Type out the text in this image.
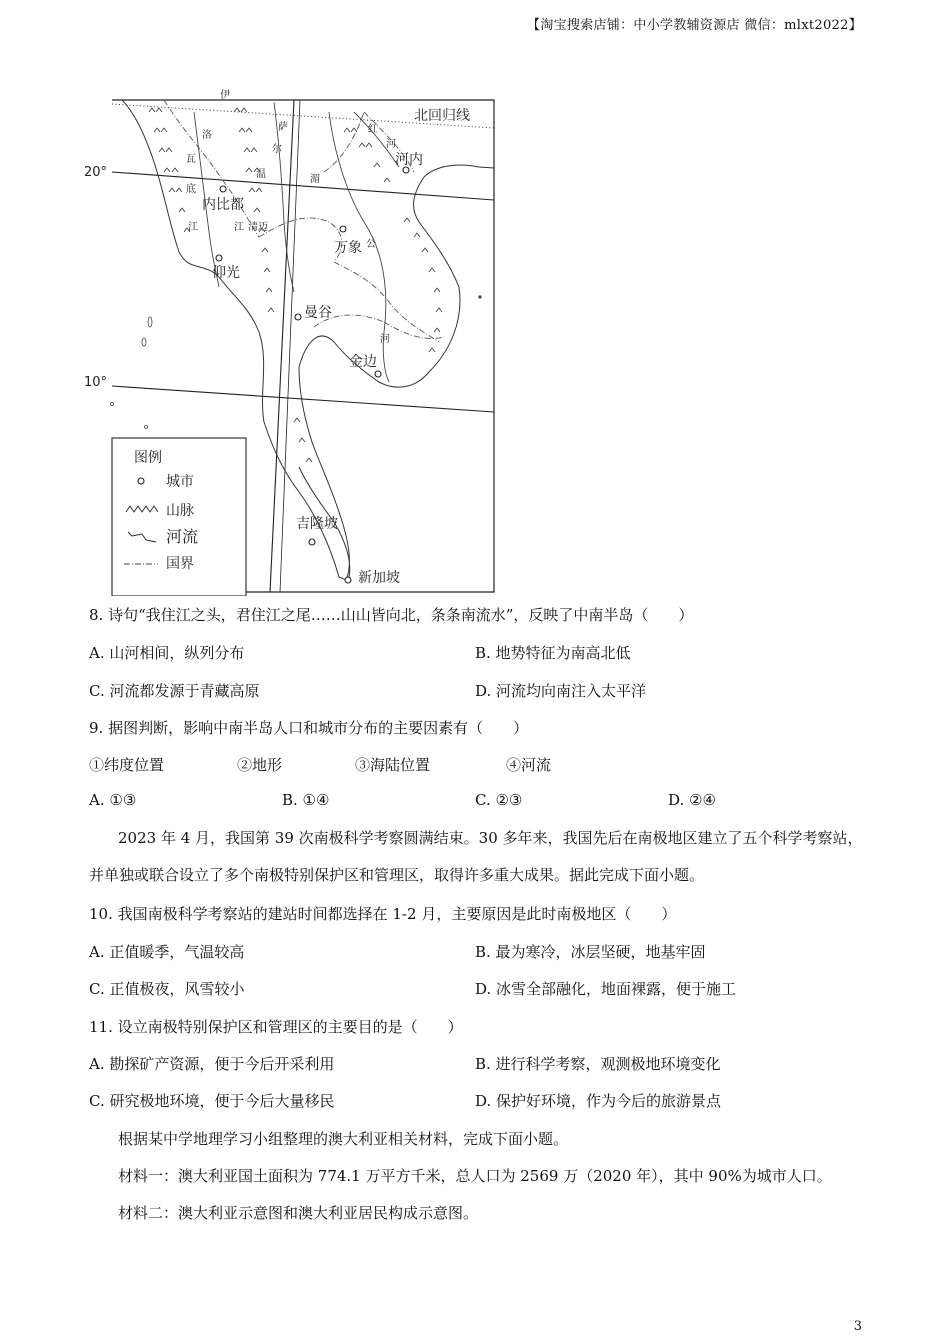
【淘宝搜索店铺：中小学教辅资源店 微信：mlxt2022】
北回归线
20°
10°
河内
内比都
万象
仰光
曼谷
金边
吉隆坡
新加坡
伊
洛
瓦
底
江
萨
尔
温
江
湄
公
河
红
河
清迈
图例
城市
山脉
河流
国界
8. 诗句“我住江之头，君住江之尾……山山皆向北，条条南流水”，反映了中南半岛（　　）
A. 山河相间，纵列分布	B. 地势特征为南高北低
C. 河流都发源于青藏高原	D. 河流均向南注入太平洋
9. 据图判断，影响中南半岛人口和城市分布的主要因素有（　　）
①纬度位置	②地形	③海陆位置	④河流
A. ①③	B. ①④	C. ②③	D. ②④
2023 年 4 月，我国第 39 次南极科学考察圆满结束。30 多年来，我国先后在南极地区建立了五个科学考察站，并单独或联合设立了多个南极特别保护区和管理区，取得许多重大成果。据此完成下面小题。
10. 我国南极科学考察站的建站时间都选择在 1-2 月，主要原因是此时南极地区（　　）
A. 正值暖季，气温较高	B. 最为寒冷，冰层坚硬，地基牢固
C. 正值极夜，风雪较小	D. 冰雪全部融化，地面裸露，便于施工
11. 设立南极特别保护区和管理区的主要目的是（　　）
A. 勘探矿产资源，便于今后开采利用	B. 进行科学考察，观测极地环境变化
C. 研究极地环境，便于今后大量移民	D. 保护好环境，作为今后的旅游景点
根据某中学地理学习小组整理的澳大利亚相关材料，完成下面小题。
材料一：澳大利亚国土面积为 774.1 万平方千米，总人口为 2569 万（2020 年），其中 90%为城市人口。
材料二：澳大利亚示意图和澳大利亚居民构成示意图。
3
